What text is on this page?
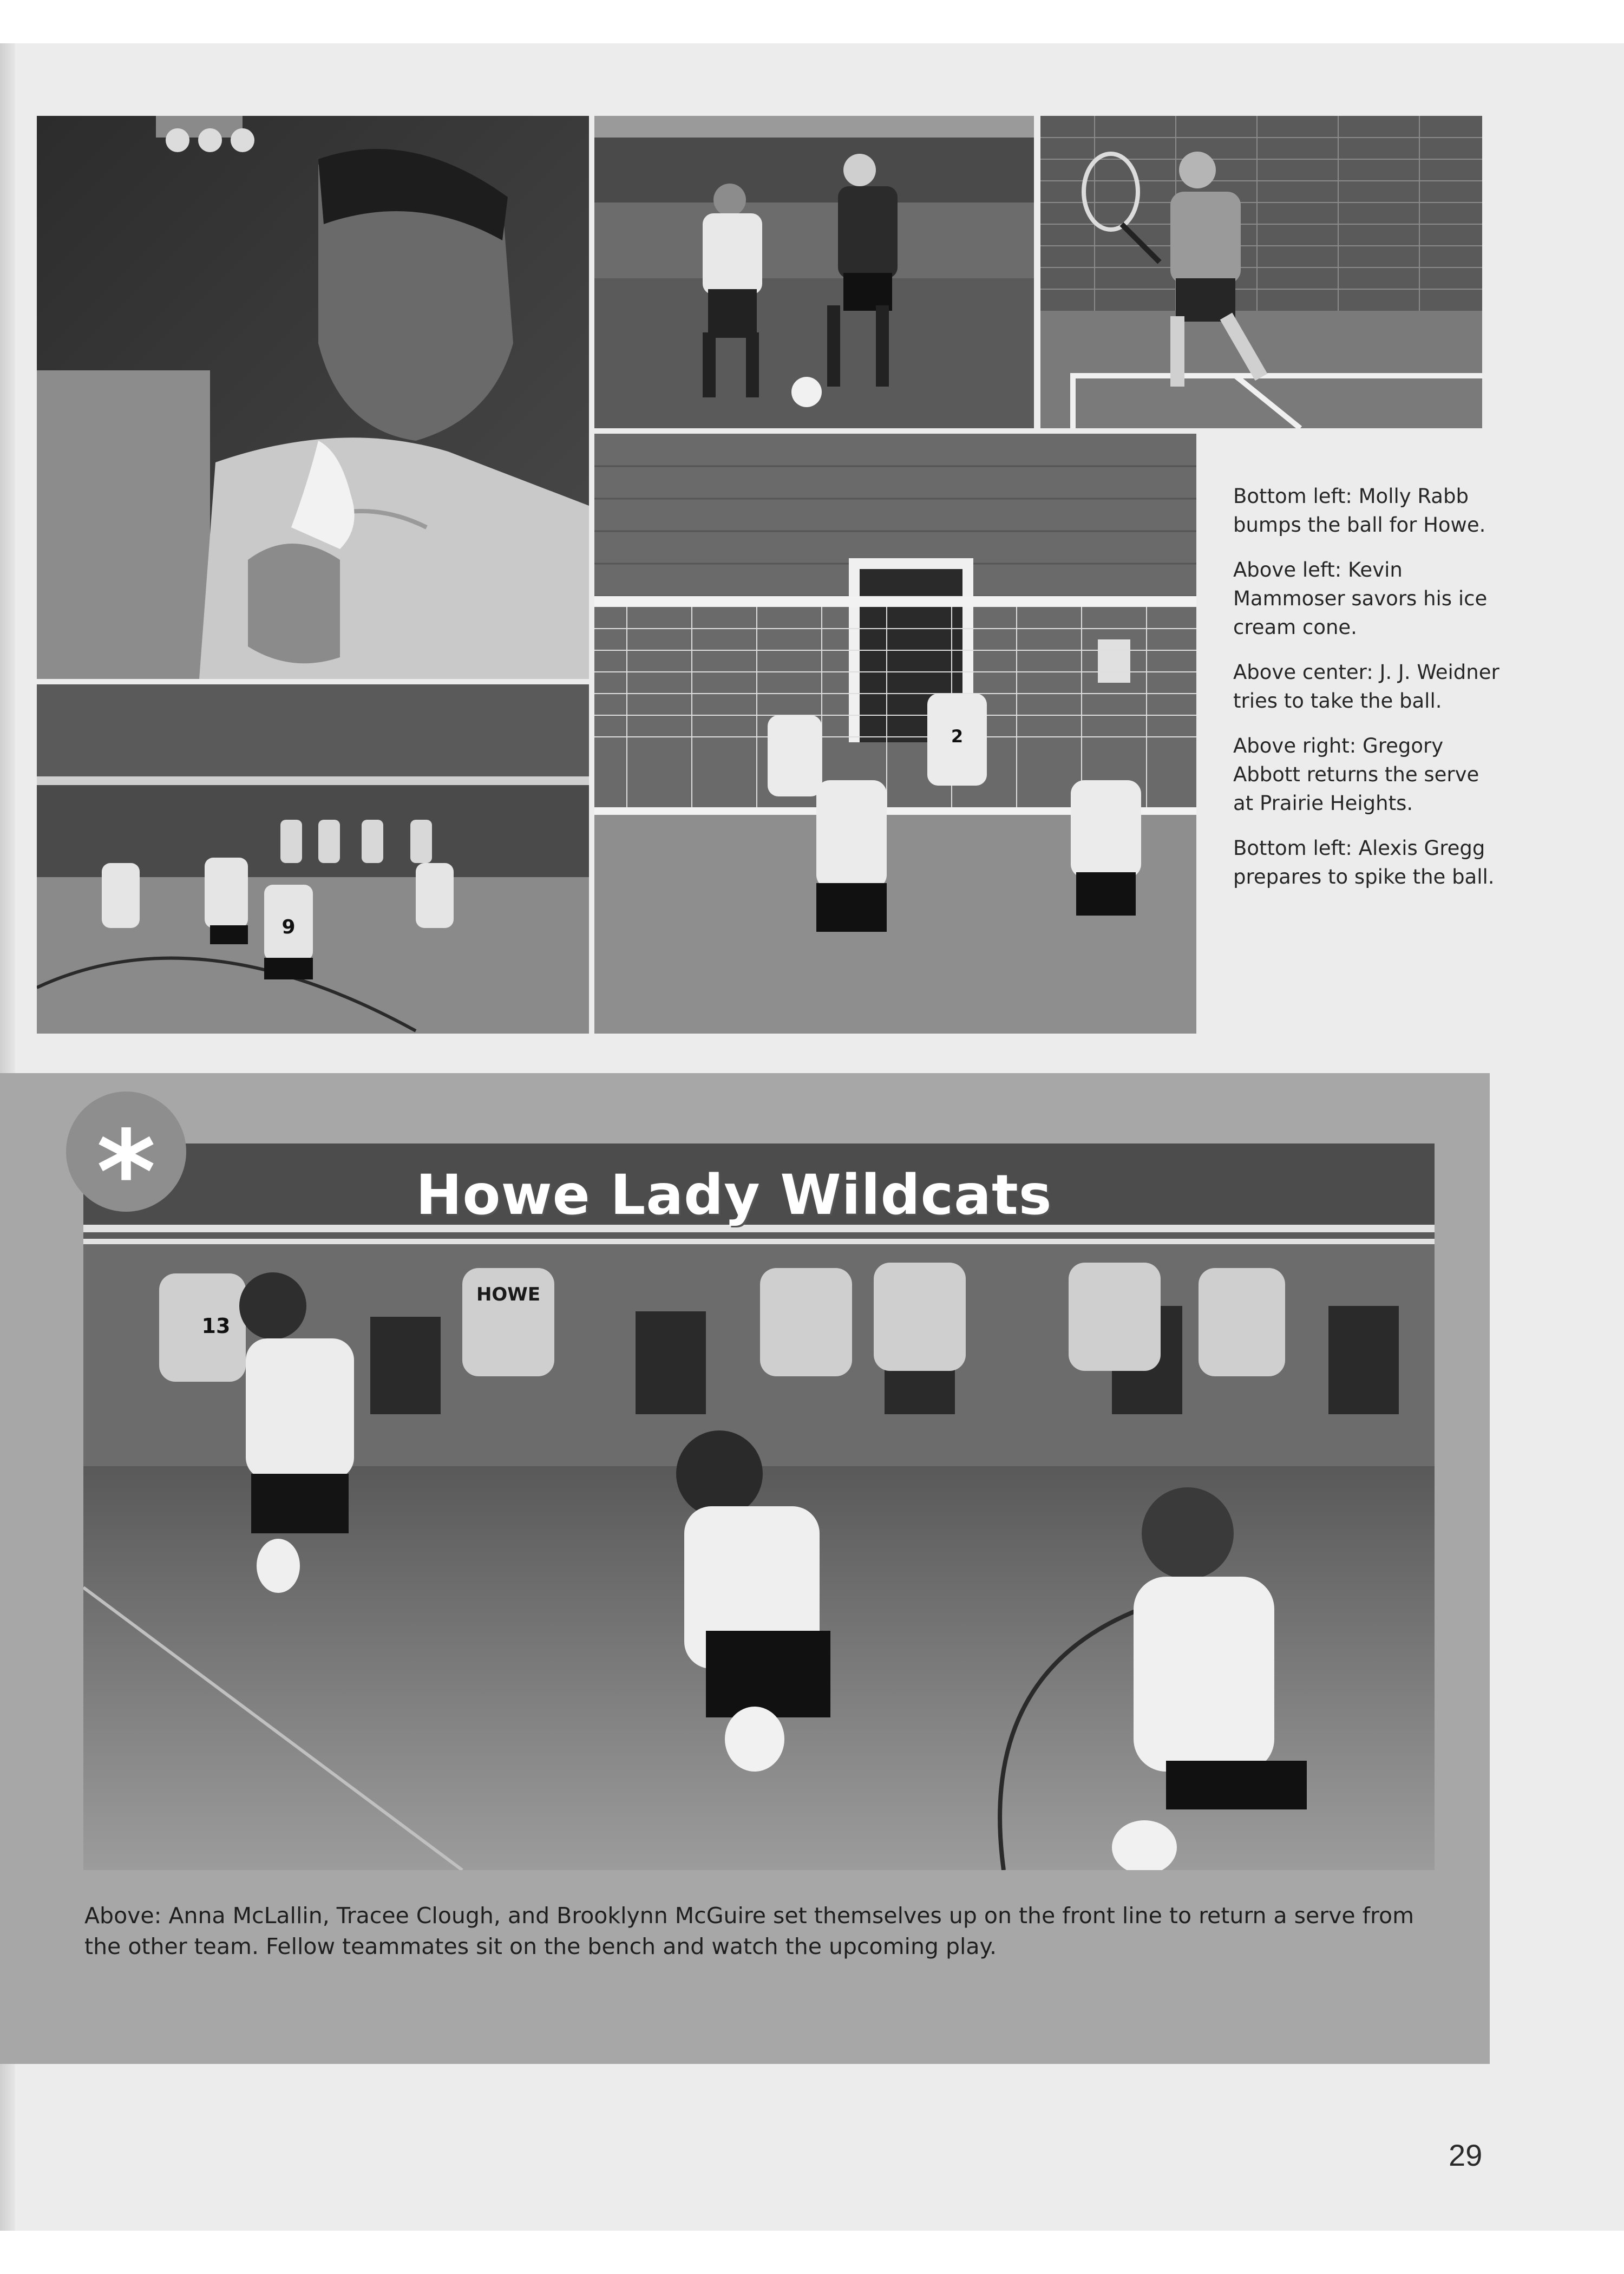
9
2

Bottom left: Molly Rabb bumps the ball for Howe.

Above left: Kevin Mammoser savors his ice cream cone.

Above center: J. J. Weidner tries to take the ball.

Above right: Gregory Abbott returns the serve at Prairie Heights.

Bottom left: Alexis Gregg prepares to spike the ball.

HOWE
13
*	Howe Lady Wildcats
Above: Anna McLallin, Tracee Clough, and Brooklynn McGuire set themselves up on the front line to return a serve from the other team. Fellow teammates sit on the bench and watch the upcoming play.
29
